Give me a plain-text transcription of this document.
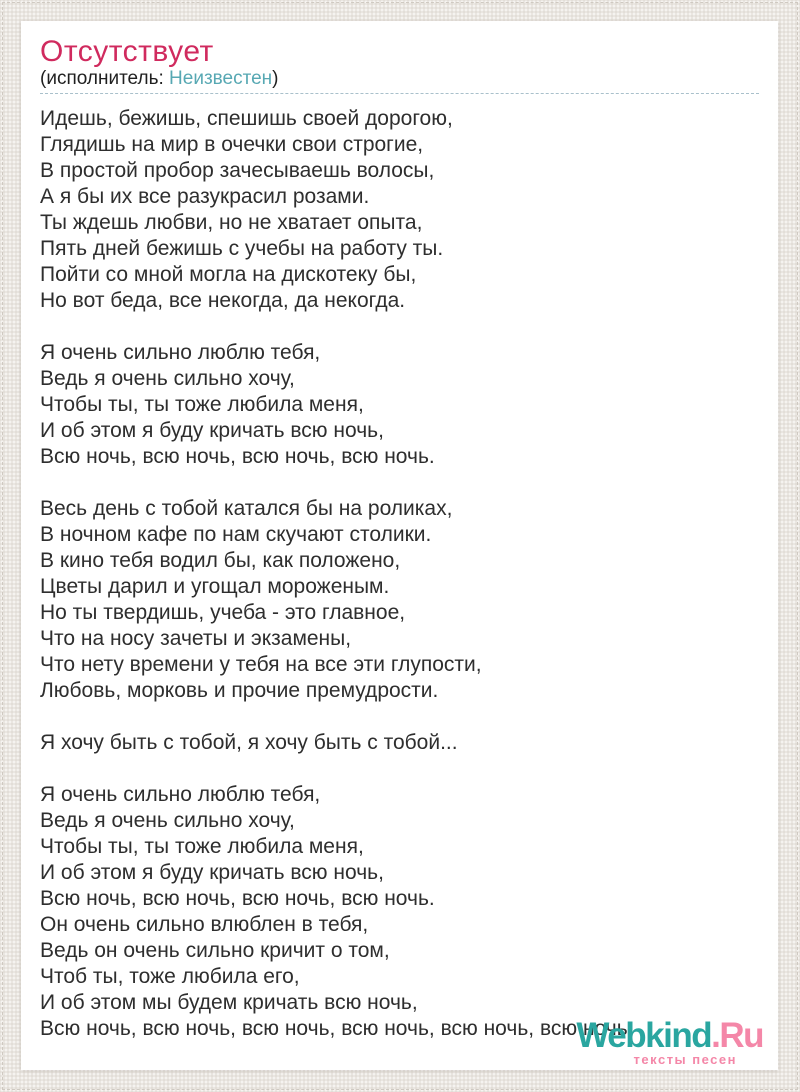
Отсутствует
(исполнитель: Неизвестен)

Идешь, бежишь, спешишь своей дорогою,
Глядишь на мир в очечки свои строгие,
В простой пробор зачесываешь волосы,
А я бы их все разукрасил розами.
Ты ждешь любви, но не хватает опыта,
Пять дней бежишь с учебы на работу ты.
Пойти со мной могла на дискотеку бы,
Но вот беда, все некогда, да некогда.

Я очень сильно люблю тебя,
Ведь я очень сильно хочу,
Чтобы ты, ты тоже любила меня,
И об этом я буду кричать всю ночь,
Всю ночь, всю ночь, всю ночь, всю ночь.

Весь день с тобой катался бы на роликах,
В ночном кафе по нам скучают столики.
В кино тебя водил бы, как положено,
Цветы дарил и угощал мороженым.
Но ты твердишь, учеба - это главное,
Что на носу зачеты и экзамены,
Что нету времени у тебя на все эти глупости,
Любовь, морковь и прочие премудрости.

Я хочу быть с тобой, я хочу быть с тобой...

Я очень сильно люблю тебя,
Ведь я очень сильно хочу,
Чтобы ты, ты тоже любила меня,
И об этом я буду кричать всю ночь,
Всю ночь, всю ночь, всю ночь, всю ночь.
Он очень сильно влюблен в тебя,
Ведь он очень сильно кричит о том,
Чтоб ты, тоже любила его,
И об этом мы будем кричать всю ночь,
Всю ночь, всю ночь, всю ночь, всю ночь, всю ночь, всю ночь.

Webkind.Ru
тексты песен
